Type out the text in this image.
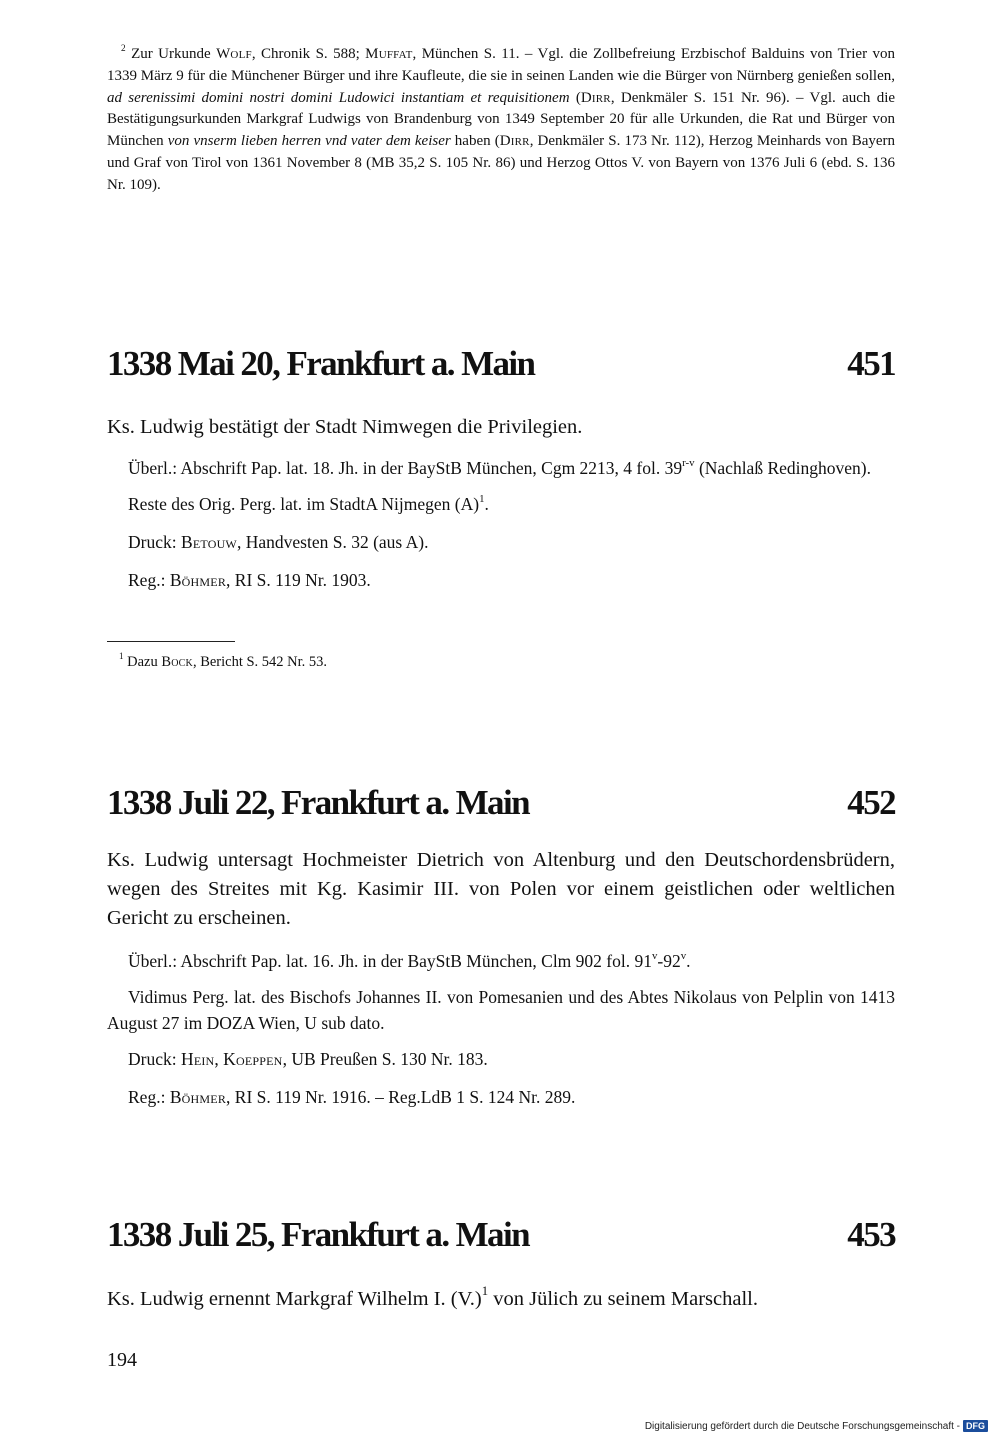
$^2$ Zur Urkunde Wolf, Chronik S. 588; Muffat, München S. 11. – Vgl. die Zollbefreiung Erzbischof Balduins von Trier von 1339 März 9 für die Münchener Bürger und ihre Kaufleute, die sie in seinen Landen wie die Bürger von Nürnberg genießen sollen, ad serenissimi domini nostri domini Ludowici instantiam et requisitionem (Dirr, Denkmäler S. 151 Nr. 96). – Vgl. auch die Bestätigungsurkunden Markgraf Ludwigs von Brandenburg von 1349 September 20 für alle Urkunden, die Rat und Bürger von München von vnserm lieben herren vnd vater dem keiser haben (Dirr, Denkmäler S. 173 Nr. 112), Herzog Meinhards von Bayern und Graf von Tirol von 1361 November 8 (MB 35,2 S. 105 Nr. 86) und Herzog Ottos V. von Bayern von 1376 Juli 6 (ebd. S. 136 Nr. 109).

1338 Mai 20, Frankfurt a. Main	451

Ks. Ludwig bestätigt der Stadt Nimwegen die Privilegien.

Überl.: Abschrift Pap. lat. 18. Jh. in der BayStB München, Cgm 2213, 4 fol. 39$^{r-v}$ (Nachlaß Redinghoven).

Reste des Orig. Perg. lat. im StadtA Nijmegen $(A)^1$.

Druck: Betouw, Handvesten S. 32 (aus A).

Reg.: Böhmer, RI S. 119 Nr. 1903.

$^1$ Dazu Bock, Bericht S. 542 Nr. 53.
1338 Juli 22, Frankfurt a. Main	452

Ks. Ludwig untersagt Hochmeister Dietrich von Altenburg und den Deutschordensbrüdern, wegen des Streites mit Kg. Kasimir III. von Polen vor einem geistlichen oder weltlichen Gericht zu erscheinen.

Überl.: Abschrift Pap. lat. 16. Jh. in der BayStB München, Clm 902 fol. 91$^v$-92$^v$.

Vidimus Perg. lat. des Bischofs Johannes II. von Pomesanien und des Abtes Nikolaus von Pelplin von 1413 August 27 im DOZA Wien, U sub dato.

Druck: Hein, Koeppen, UB Preußen S. 130 Nr. 183.

Reg.: Böhmer, RI S. 119 Nr. 1916. – Reg.LdB 1 S. 124 Nr. 289.

1338 Juli 25, Frankfurt a. Main	453

Ks. Ludwig ernennt Markgraf Wilhelm I. $(V.)^1$ von Jülich zu seinem Marschall.

194
Digitalisierung gefördert durch die Deutsche Forschungsgemeinschaft - DFG
